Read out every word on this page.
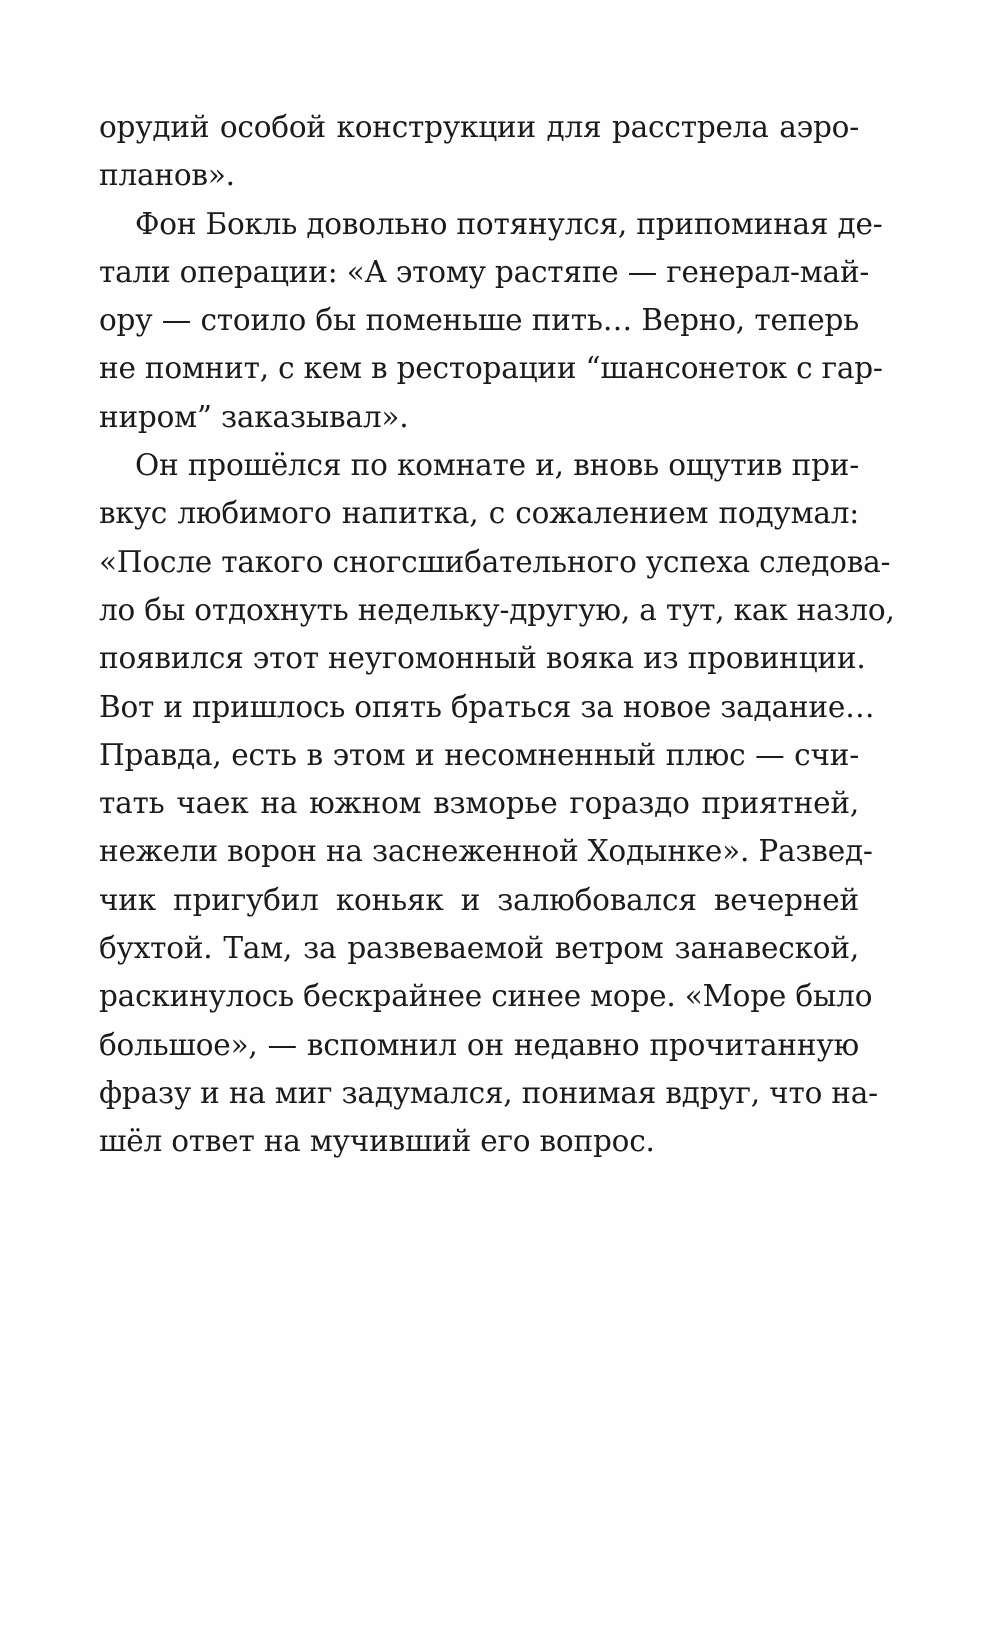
орудий особой конструкции для расстрела аэро-
планов».
Фон Бокль довольно потянулся, припоминая де-
тали операции: «А этому растяпе — генерал-май-
ору — стоило бы поменьше пить… Верно, теперь
не помнит, с кем в ресторации “шансонеток с гар-
ниром” заказывал».
Он прошёлся по комнате и, вновь ощутив при-
вкус любимого напитка, с сожалением подумал:
«После такого сногсшибательного успеха следова-
ло бы отдохнуть недельку-другую, а тут, как назло,
появился этот неугомонный вояка из провинции.
Вот и пришлось опять браться за новое задание…
Правда, есть в этом и несомненный плюс — счи-
тать чаек на южном взморье гораздо приятней,
нежели ворон на заснеженной Ходынке». Развед-
чик пригубил коньяк и залюбовался вечерней
бухтой. Там, за развеваемой ветром занавеской,
раскинулось бескрайнее синее море. «Море было
большое», — вспомнил он недавно прочитанную
фразу и на миг задумался, понимая вдруг, что на-
шёл ответ на мучивший его вопрос.
